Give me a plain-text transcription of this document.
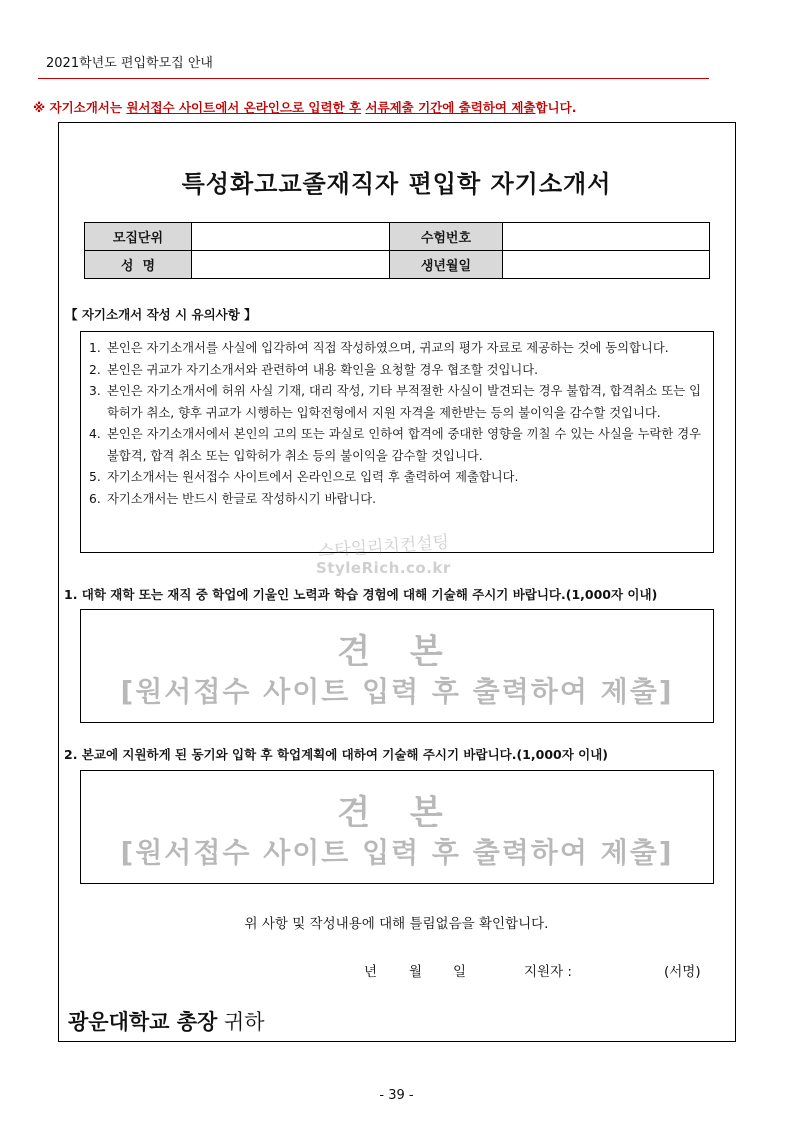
2021학년도 편입학모집 안내
※ 자기소개서는 원서접수 사이트에서 온라인으로 입력한 후 서류제출 기간에 출력하여 제출합니다.
특성화고교졸재직자 편입학 자기소개서
모집단위		수험번호	
성  명		생년월일	
【 자기소개서 작성 시 유의사항 】
1. 본인은 자기소개서를 사실에 입각하여 직접 작성하였으며, 귀교의 평가 자료로 제공하는 것에 동의합니다.
2. 본인은 귀교가 자기소개서와 관련하여 내용 확인을 요청할 경우 협조할 것입니다.
3. 본인은 자기소개서에 허위 사실 기재, 대리 작성, 기타 부적절한 사실이 발견되는 경우 불합격, 합격취소 또는 입학허가 취소, 향후 귀교가 시행하는 입학전형에서 지원 자격을 제한받는 등의 불이익을 감수할 것입니다.
4. 본인은 자기소개서에서 본인의 고의 또는 과실로 인하여 합격에 중대한 영향을 끼칠 수 있는 사실을 누락한 경우 불합격, 합격 취소 또는 입학허가 취소 등의 불이익을 감수할 것입니다.
5. 자기소개서는 원서접수 사이트에서 온라인으로 입력 후 출력하여 제출합니다.
6. 자기소개서는 반드시 한글로 작성하시기 바랍니다.
스타일리치컨설팅
StyleRich.co.kr
1. 대학 재학 또는 재직 중 학업에 기울인 노력과 학습 경험에 대해 기술해 주시기 바랍니다.(1,000자 이내)
견 본
[원서접수 사이트 입력 후 출력하여 제출]
2. 본교에 지원하게 된 동기와 입학 후 학업계획에 대하여 기술해 주시기 바랍니다.(1,000자 이내)
견 본
[원서접수 사이트 입력 후 출력하여 제출]
위 사항 및 작성내용에 대해 틀림없음을 확인합니다.
년 월 일	지원자 :	(서명)
광운대학교 총장 귀하
- 39 -
